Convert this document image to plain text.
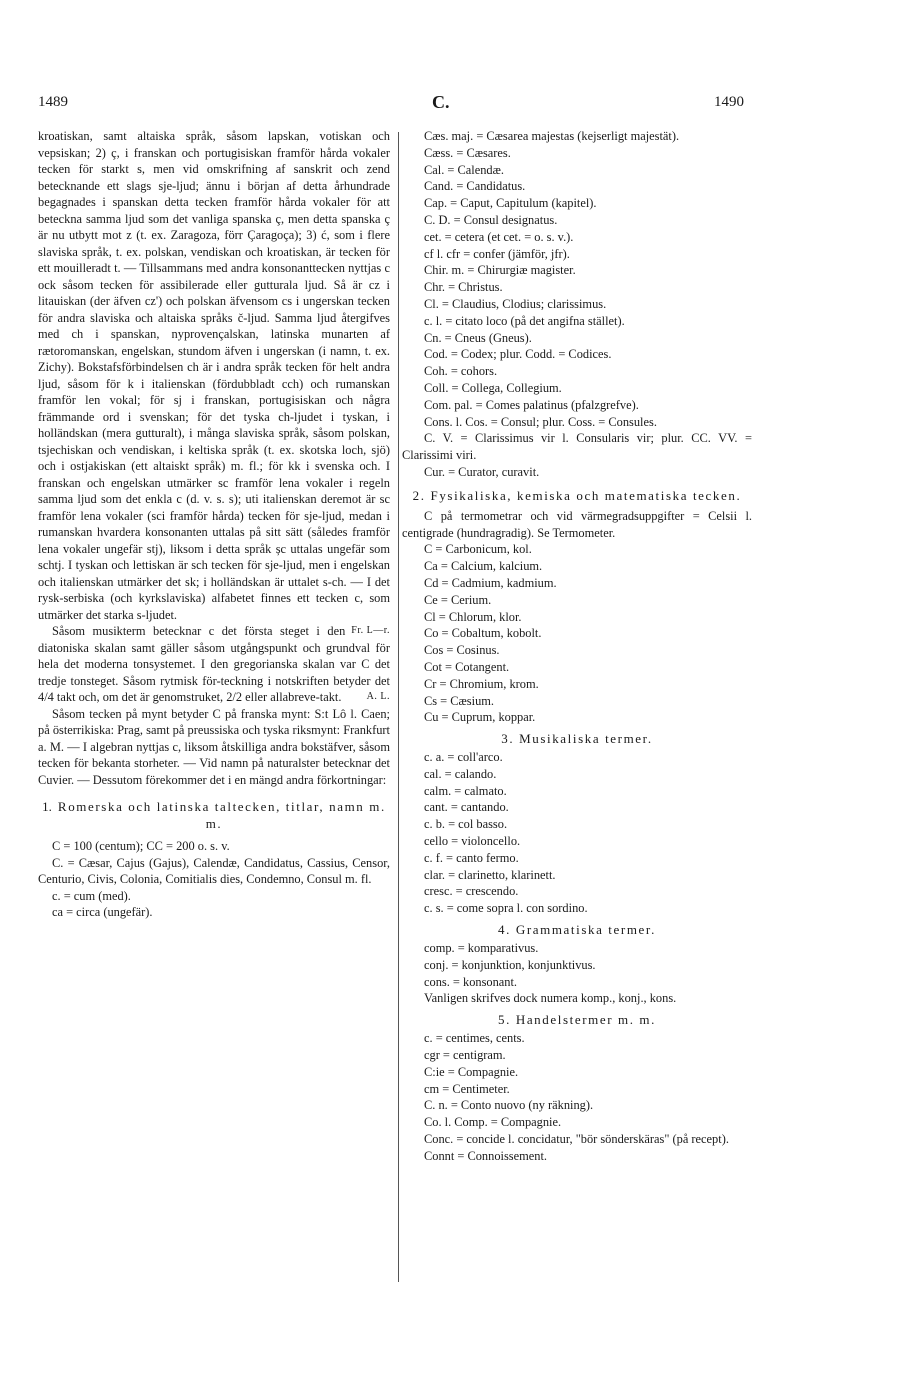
1489	C.	1490

kroatiskan, samt altaiska språk, såsom lapskan, votiskan och vepsiskan; 2) ç, i franskan och portugisiskan framför hårda vokaler tecken för starkt s, men vid omskrifning af sanskrit och zend betecknande ett slags sje-ljud; ännu i början af detta århundrade begagnades i spanskan detta tecken framför hårda vokaler för att beteckna samma ljud som det vanliga spanska ç, men detta spanska ç är nu utbytt mot z (t. ex. Zaragoza, förr Çaragoça); 3) ć, som i flere slaviska språk, t. ex. polskan, vendiskan och kroatiskan, är tecken för ett mouilleradt t. — Tillsammans med andra konsonanttecken nyttjas c ock såsom tecken för assibilerade eller gutturala ljud. Så är cz i litauiskan (der äfven cz') och polskan äfvensom cs i ungerskan tecken för andra slaviska och altaiska språks č-ljud. Samma ljud återgifves med ch i spanskan, nyprovençalskan, latinska munarten af rætoromanskan, engelskan, stundom äfven i ungerskan (i namn, t. ex. Zichy). Bokstafsförbindelsen ch är i andra språk tecken för helt andra ljud, såsom för k i italienskan (fördubbladt cch) och rumanskan framför len vokal; för sj i franskan, portugisiskan och några främmande ord i svenskan; för det tyska ch-ljudet i tyskan, i holländskan (mera gutturalt), i många slaviska språk, såsom polskan, tsjechiskan och vendiskan, i keltiska språk (t. ex. skotska loch, sjö) och i ostjakiskan (ett altaiskt språk) m. fl.; för kk i svenska och. I franskan och engelskan utmärker sc framför lena vokaler i regeln samma ljud som det enkla c (d. v. s. s); uti italienskan deremot är sc framför lena vokaler (sci framför hårda) tecken för sje-ljud, medan i rumanskan hvardera konsonanten uttalas på sitt sätt (således framför lena vokaler ungefär stj), liksom i detta språk șc uttalas ungefär som schtj. I tyskan och lettiskan är sch tecken för sje-ljud, men i engelskan och italienskan utmärker det sk; i holländskan är uttalet s-ch. — I det rysk-serbiska (och kyrkslaviska) alfabetet finnes ett tecken c, som utmärker det starka s-ljudet.

Fr. L—r.

Såsom musikterm betecknar c det första steget i den diatoniska skalan samt gäller såsom utgångspunkt och grundval för hela det moderna tonsystemet. I den gregorianska skalan var C det tredje tonsteget. Såsom rytmisk för-teckning i notskriften betyder det 4/4 takt och, om det är genomstruket, 2/2 eller allabreve-takt.	A. L.

Såsom tecken på mynt betyder C på franska mynt: S:t Lô l. Caen; på österrikiska: Prag, samt på preussiska och tyska riksmynt: Frankfurt a. M. — I algebran nyttjas c, liksom åtskilliga andra bokstäfver, såsom tecken för bekanta storheter. — Vid namn på naturalster betecknar det Cuvier. — Dessutom förekommer det i en mängd andra förkortningar:

1. Romerska och latinska taltecken, titlar, namn m. m.

C = 100 (centum); CC = 200 o. s. v.

C. = Cæsar, Cajus (Gajus), Calendæ, Candidatus, Cassius, Censor, Centurio, Civis, Colonia, Comitialis dies, Condemno, Consul m. fl.

c. = cum (med).

ca = circa (ungefär).

Cæs. maj. = Cæsarea majestas (kejserligt majestät).

Cæss. = Cæsares.

Cal. = Calendæ.

Cand. = Candidatus.

Cap. = Caput, Capitulum (kapitel).

C. D. = Consul designatus.

cet. = cetera (et cet. = o. s. v.).

cf l. cfr = confer (jämför, jfr).

Chir. m. = Chirurgiæ magister.

Chr. = Christus.

Cl. = Claudius, Clodius; clarissimus.

c. l. = citato loco (på det angifna stället).

Cn. = Cneus (Gneus).

Cod. = Codex; plur. Codd. = Codices.

Coh. = cohors.

Coll. = Collega, Collegium.

Com. pal. = Comes palatinus (pfalzgrefve).

Cons. l. Cos. = Consul; plur. Coss. = Consules.

C. V. = Clarissimus vir l. Consularis vir; plur. CC. VV. = Clarissimi viri.

Cur. = Curator, curavit.

2. Fysikaliska, kemiska och matematiska tecken.

C på termometrar och vid värmegradsuppgifter = Celsii l. centigrade (hundragradig). Se Termometer.

C = Carbonicum, kol.

Ca = Calcium, kalcium.

Cd = Cadmium, kadmium.

Ce = Cerium.

Cl = Chlorum, klor.

Co = Cobaltum, kobolt.

Cos = Cosinus.

Cot = Cotangent.

Cr = Chromium, krom.

Cs = Cæsium.

Cu = Cuprum, koppar.

3. Musikaliska termer.

c. a. = coll'arco.

cal. = calando.

calm. = calmato.

cant. = cantando.

c. b. = col basso.

cello = violoncello.

c. f. = canto fermo.

clar. = clarinetto, klarinett.

cresc. = crescendo.

c. s. = come sopra l. con sordino.

4. Grammatiska termer.

comp. = komparativus.

conj. = konjunktion, konjunktivus.

cons. = konsonant.

Vanligen skrifves dock numera komp., konj., kons.

5. Handelstermer m. m.

c. = centimes, cents.

cgr = centigram.

C:ie = Compagnie.

cm = Centimeter.

C. n. = Conto nuovo (ny räkning).

Co. l. Comp. = Compagnie.

Conc. = concide l. concidatur, "bör sönderskäras" (på recept).

Connt = Connoissement.
